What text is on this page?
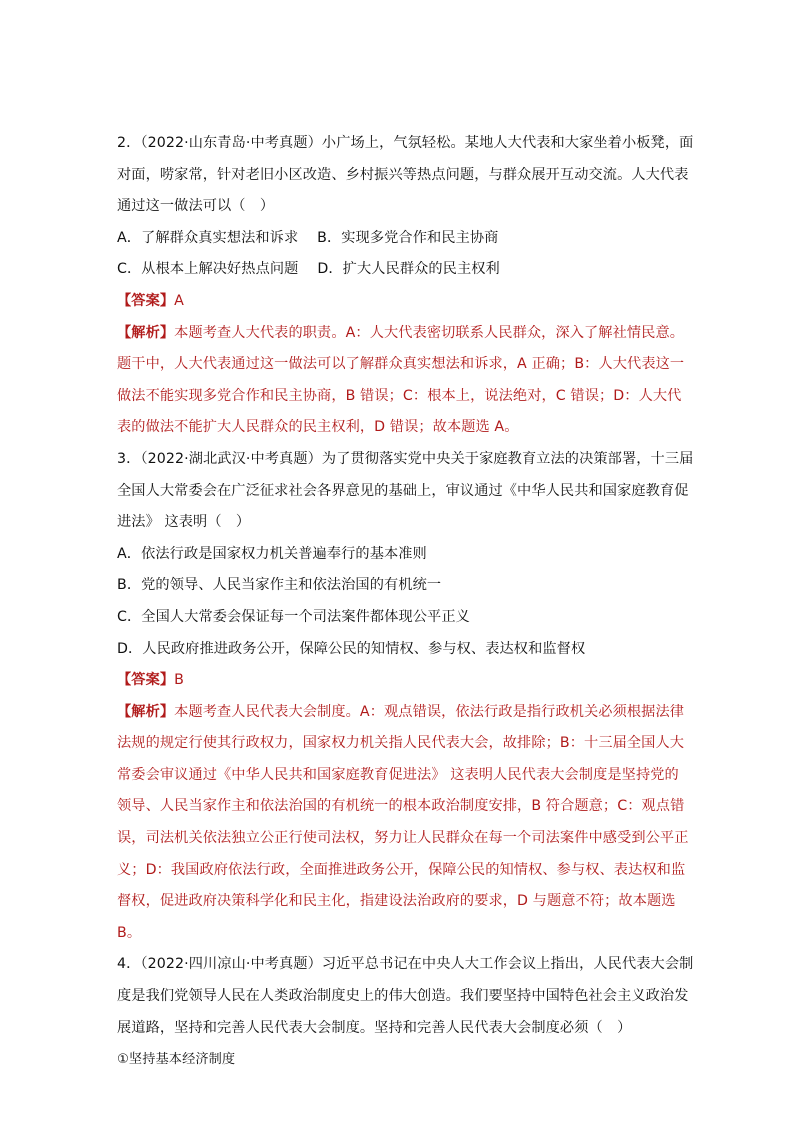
2．（2022·山东青岛·中考真题）小广场上，气氛轻松。某地人大代表和大家坐着小板凳，面
对面，唠家常，针对老旧小区改造、乡村振兴等热点问题，与群众展开互动交流。人大代表
通过这一做法可以（　）
A．了解群众真实想法和诉求　 B．实现多党合作和民主协商
C．从根本上解决好热点问题　 D．扩大人民群众的民主权利
【答案】A
【解析】本题考查人大代表的职责。A：人大代表密切联系人民群众，深入了解社情民意。
题干中，人大代表通过这一做法可以了解群众真实想法和诉求，A 正确；B：人大代表这一
做法不能实现多党合作和民主协商，B 错误；C：根本上，说法绝对，C 错误；D：人大代
表的做法不能扩大人民群众的民主权利，D 错误；故本题选 A。
3．（2022·湖北武汉·中考真题）为了贯彻落实党中央关于家庭教育立法的决策部署，十三届
全国人大常委会在广泛征求社会各界意见的基础上，审议通过《中华人民共和国家庭教育促
进法》 这表明（　）
A．依法行政是国家权力机关普遍奉行的基本准则
B．党的领导、人民当家作主和依法治国的有机统一
C．全国人大常委会保证每一个司法案件都体现公平正义
D．人民政府推进政务公开，保障公民的知情权、参与权、表达权和监督权
【答案】B
【解析】本题考查人民代表大会制度。A：观点错误，依法行政是指行政机关必须根据法律
法规的规定行使其行政权力，国家权力机关指人民代表大会，故排除；B：十三届全国人大
常委会审议通过《中华人民共和国家庭教育促进法》 这表明人民代表大会制度是坚持党的
领导、人民当家作主和依法治国的有机统一的根本政治制度安排，B 符合题意；C：观点错
误，司法机关依法独立公正行使司法权，努力让人民群众在每一个司法案件中感受到公平正
义；D：我国政府依法行政，全面推进政务公开，保障公民的知情权、参与权、表达权和监
督权，促进政府决策科学化和民主化，指建设法治政府的要求，D 与题意不符；故本题选
B。
4．（2022·四川凉山·中考真题）习近平总书记在中央人大工作会议上指出，人民代表大会制
度是我们党领导人民在人类政治制度史上的伟大创造。我们要坚持中国特色社会主义政治发
展道路，坚持和完善人民代表大会制度。坚持和完善人民代表大会制度必须（　）
①坚持基本经济制度
